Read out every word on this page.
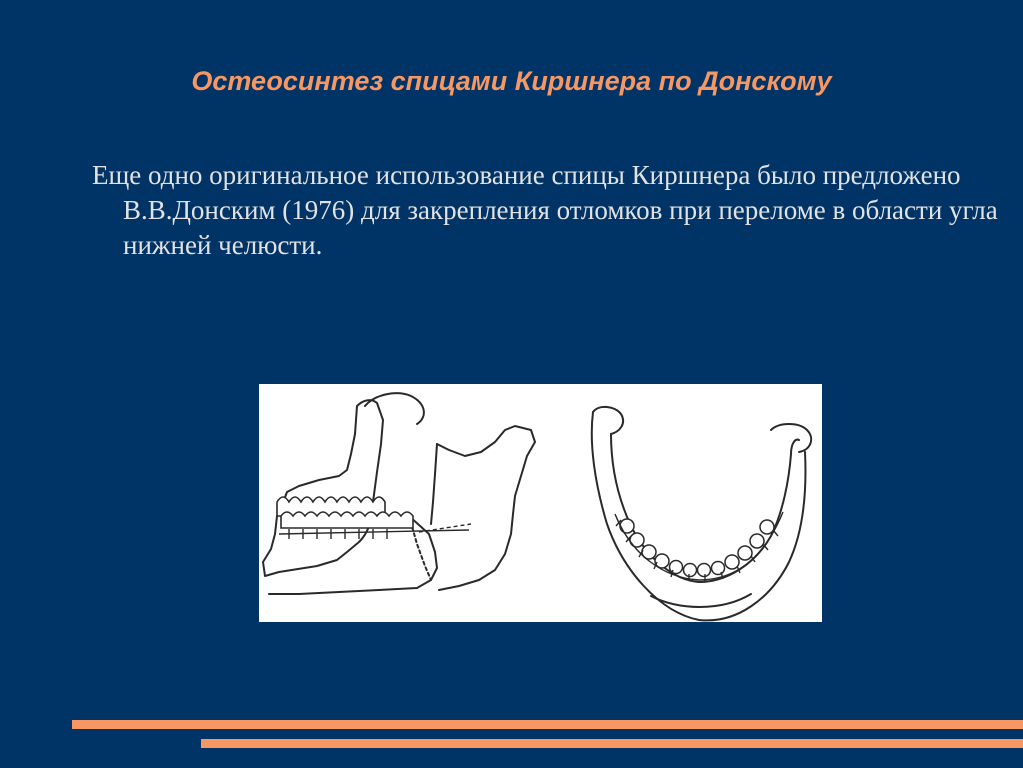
Остеосинтез спицами Киршнера по Донскому

Еще одно оригинальное использование спицы Киршнера было предложено В.В.Донским (1976) для закрепления отломков при переломе в области угла нижней челюсти.
